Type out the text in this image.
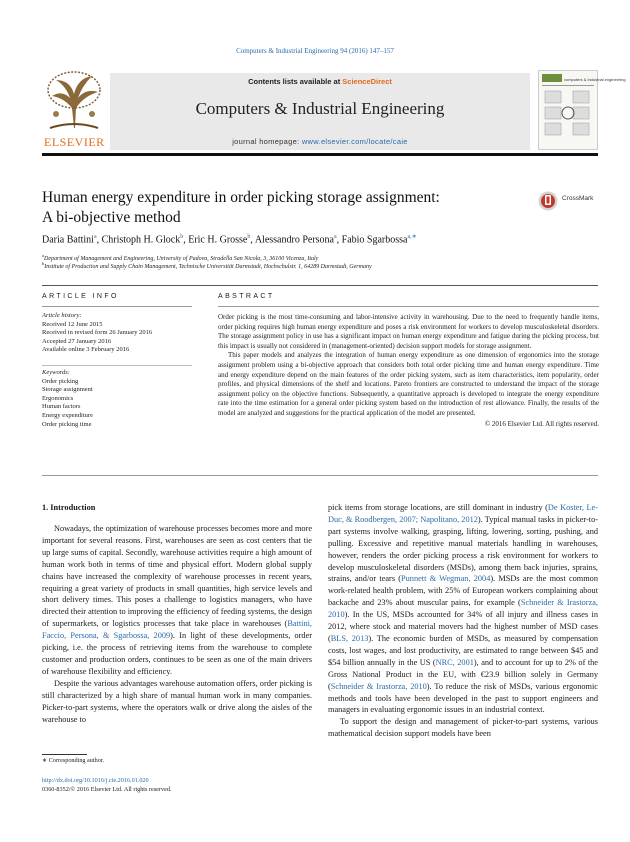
Computers & Industrial Engineering 94 (2016) 147–157
ELSEVIER
Contents lists available at ScienceDirect
Computers & Industrial Engineering
journal homepage: www.elsevier.com/locate/caie
computers & industrial engineering
Human energy expenditure in order picking storage assignment:
A bi-objective method
CrossMark
Daria Battini$^a$, Christoph H. Glock$^b$, Eric H. Grosse$^b$, Alessandro Persona$^a$, Fabio Sgarbossa$^{a,∗}$
$^a$Department of Management and Engineering, University of Padova, Stradella San Nicola, 3, 36100 Vicenza, Italy
$^b$Institute of Production and Supply Chain Management, Technische Universität Darmstadt, Hochschulstr. 1, 64289 Darmstadt, Germany
ARTICLE INFO	ABSTRACT
Article history:
Received 12 June 2015
Received in revised form 26 January 2016
Accepted 27 January 2016
Available online 3 February 2016
Keywords:
Order picking
Storage assignment
Ergonomics
Human factors
Energy expenditure
Order picking time

Order picking is the most time-consuming and labor-intensive activity in warehousing. Due to the need to frequently handle items, order picking requires high human energy expenditure and poses a risk environment for workers to develop musculoskeletal disorders. The storage assignment policy in use has a significant impact on human energy expenditure and fatigue during the picking process, but this impact is usually not considered in (management-oriented) decision support models for storage assignment.

This paper models and analyzes the integration of human energy expenditure as one dimension of ergonomics into the storage assignment problem using a bi-objective approach that considers both total order picking time and human energy expenditure. Time and energy expenditure depend on the main features of the order picking system, such as item characteristics, item popularity, order profiles, and physical dimensions of the shelf and locations. Pareto frontiers are constructed to understand the impact of the storage assignment policy on the objective functions. Subsequently, a quantitative approach is developed to integrate the energy expenditure rate into the time estimation for a general order picking system based on the introduction of rest allowance. Finally, the results of the model are analyzed and suggestions for the practical application of the model are presented.

© 2016 Elsevier Ltd. All rights reserved.
1. Introduction

Nowadays, the optimization of warehouse processes becomes more and more important for several reasons. First, warehouses are seen as cost centers that tie up large sums of capital. Secondly, warehouse activities require a high amount of human work both in terms of time and physical effort. Modern global supply chains have increased the complexity of warehouse processes in recent years, requiring a great variety of products in small quantities, high service levels and short delivery times. This poses a challenge to logistics managers, who have directed their attention to improving the efficiency of feeding systems, the design of supermarkets, or logistics processes that take place in warehouses (Battini, Faccio, Persona, & Sgarbossa, 2009). In light of these developments, order picking, i.e. the process of retrieving items from the warehouse to complete customer and production orders, continues to be seen as one of the main drivers of warehouse flexibility and efficiency.

Despite the various advantages warehouse automation offers, order picking is still characterized by a high share of manual human work in many companies. Picker-to-part systems, where the operators walk or drive along the aisles of the warehouse to

pick items from storage locations, are still dominant in industry (De Koster, Le-Duc, & Roodbergen, 2007; Napolitano, 2012). Typical manual tasks in picker-to-part systems involve walking, grasping, lifting, lowering, sorting, pushing, and pulling. Excessive and repetitive manual materials handling in warehouses, however, renders the order picking process a risk environment for workers to develop musculoskeletal disorders (MSDs), among them back injuries, sprains, strains, and/or tears (Punnett & Wegman, 2004). MSDs are the most common work-related health problem, with 25% of European workers complaining about backache and 23% about muscular pains, for example (Schneider & Irastorza, 2010). In the US, MSDs accounted for 34% of all injury and illness cases in 2012, where stock and material movers had the highest number of MSD cases (BLS, 2013). The economic burden of MSDs, as measured by compensation costs, lost wages, and lost productivity, are estimated to range between $45 and $54 billion annually in the US (NRC, 2001), and to account for up to 2% of the Gross National Product in the EU, with €23.9 billion solely in Germany (Schneider & Irastorza, 2010). To reduce the risk of MSDs, various ergonomic methods and tools have been developed in the past to support engineers and managers in evaluating ergonomic issues in an industrial context.

To support the design and management of picker-to-part systems, various mathematical decision support models have been

∗ Corresponding author.
http://dx.doi.org/10.1016/j.cie.2016.01.020
0360-8352/© 2016 Elsevier Ltd. All rights reserved.
